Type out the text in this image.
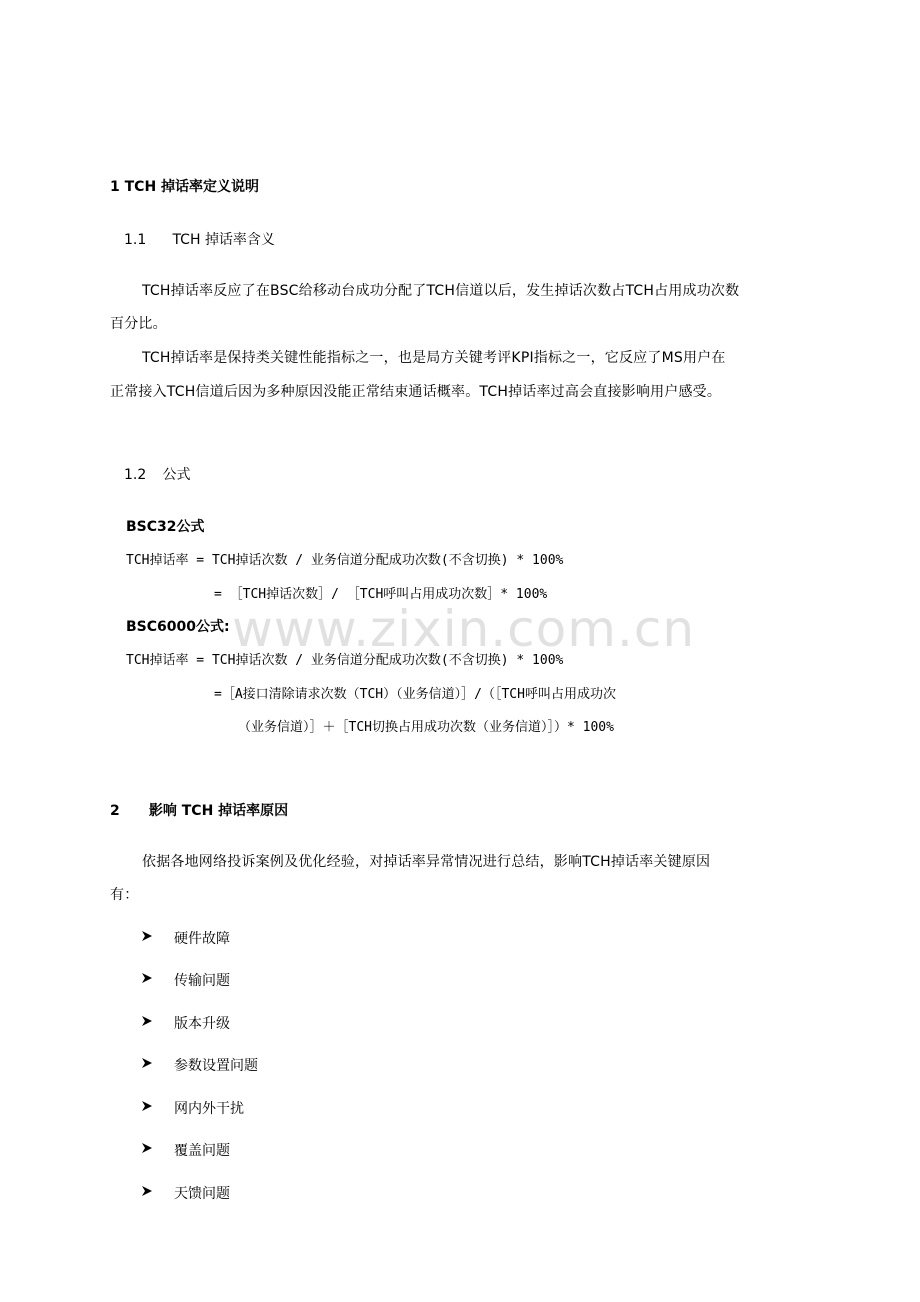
1 TCH 掉话率定义说明
1.1 TCH 掉话率含义
TCH掉话率反应了在BSC给移动台成功分配了TCH信道以后，发生掉话次数占TCH占用成功次数
百分比。
TCH掉话率是保持类关键性能指标之一，也是局方关键考评KPI指标之一，它反应了MS用户在
正常接入TCH信道后因为多种原因没能正常结束通话概率。TCH掉话率过高会直接影响用户感受。
1.2 公式
BSC32公式
TCH掉话率 = TCH掉话次数 / 业务信道分配成功次数(不含切换) * 100%
= ［TCH掉话次数］/ ［TCH呼叫占用成功次数］* 100%
BSC6000公式:
TCH掉话率 = TCH掉话次数 / 业务信道分配成功次数(不含切换) * 100%
=［A接口清除请求次数（TCH）（业务信道）］/（［TCH呼叫占用成功次
（业务信道）］＋［TCH切换占用成功次数（业务信道）］）* 100%
www.zixin.com.cn
2 影响 TCH 掉话率原因
依据各地网络投诉案例及优化经验，对掉话率异常情况进行总结，影响TCH掉话率关键原因
有：
硬件故障
传输问题
版本升级
参数设置问题
网内外干扰
覆盖问题
天馈问题
